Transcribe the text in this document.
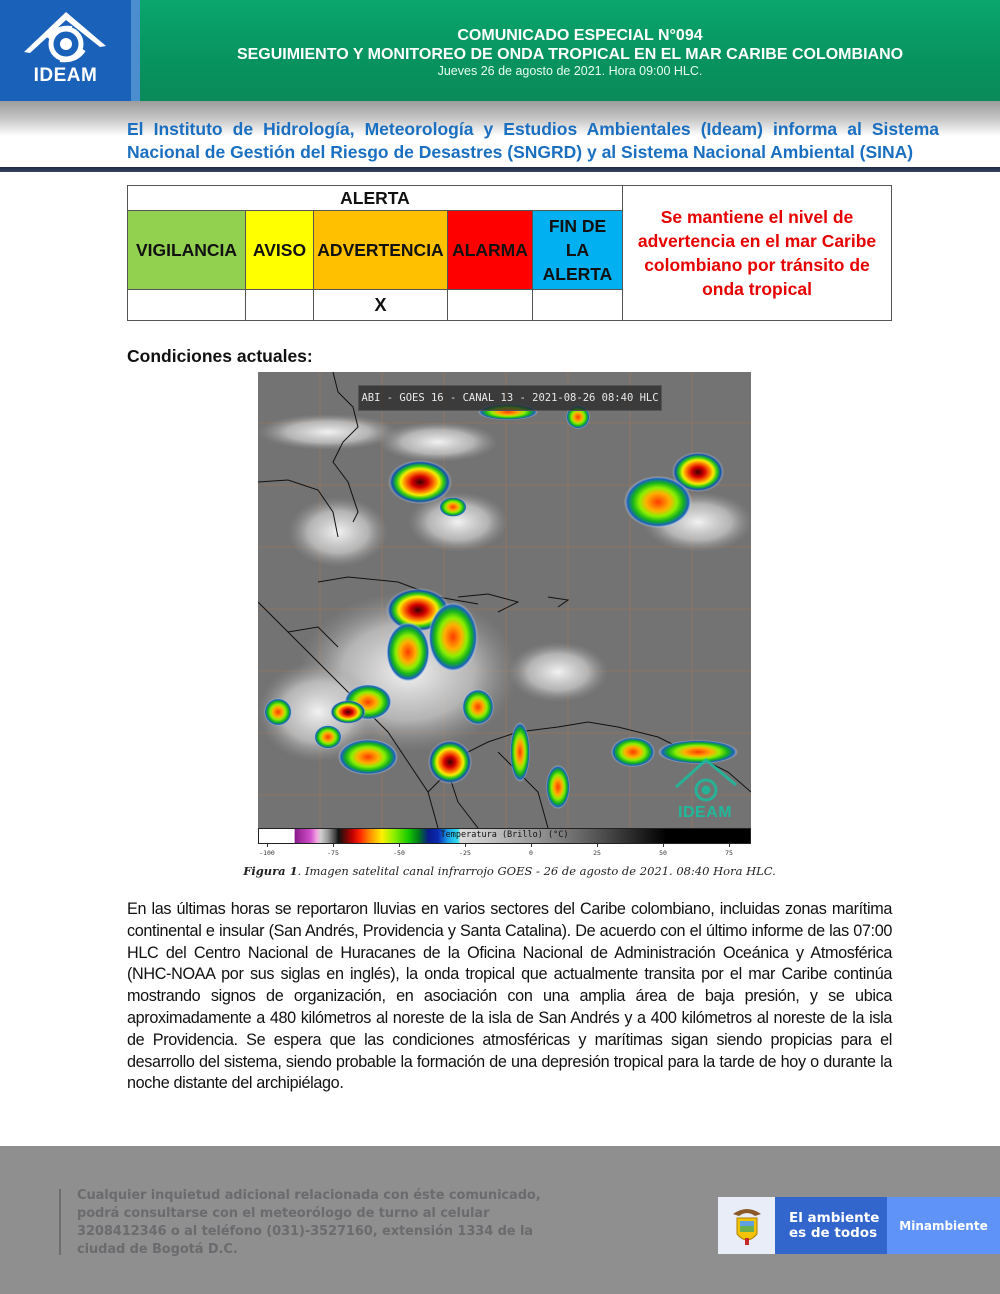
IDEAM
COMUNICADO ESPECIAL N°094
SEGUIMIENTO Y MONITOREO DE ONDA TROPICAL EN EL MAR CARIBE COLOMBIANO
Jueves 26 de agosto de 2021. Hora 09:00 HLC.
El Instituto de Hidrología, Meteorología y Estudios Ambientales (Ideam) informa al Sistema
Nacional de Gestión del Riesgo de Desastres (SNGRD) y al Sistema Nacional Ambiental (SINA)
ALERTA					Se mantiene el nivel de advertencia en el mar Caribe colombiano por tránsito de onda tropical
VIGILANCIA	AVISO	ADVERTENCIA	ALARMA	FIN DE
LA
ALERTA	

		X			
Condiciones actuales:
ABI - GOES 16 - CANAL 13 - 2021-08-26 08:40 HLC
IDEAM
Temperatura (Brillo) (°C)
-100	-75	-50	-25	0	25	50	75
Figura 1. Imagen satelital canal infrarrojo GOES - 26 de agosto de 2021. 08:40 Hora HLC.
En las últimas horas se reportaron lluvias en varios sectores del Caribe colombiano, incluidas zonas marítima continental e insular (San Andrés, Providencia y Santa Catalina). De acuerdo con el último informe de las 07:00 HLC del Centro Nacional de Huracanes de la Oficina Nacional de Administración Oceánica y Atmosférica (NHC-NOAA por sus siglas en inglés), la onda tropical que actualmente transita por el mar Caribe continúa mostrando signos de organización, en asociación con una amplia área de baja presión, y se ubica aproximadamente a 480 kilómetros al noreste de la isla de San Andrés y a 400 kilómetros al noreste de la isla de Providencia. Se espera que las condiciones atmosféricas y marítimas sigan siendo propicias para el desarrollo del sistema, siendo probable la formación de una depresión tropical para la tarde de hoy o durante la noche distante del archipiélago.
Cualquier inquietud adicional relacionada con éste comunicado,
podrá consultarse con el meteorólogo de turno al celular
3208412346 o al teléfono (031)-3527160, extensión 1334 de la
ciudad de Bogotá D.C.
El ambiente
es de todos	Minambiente
